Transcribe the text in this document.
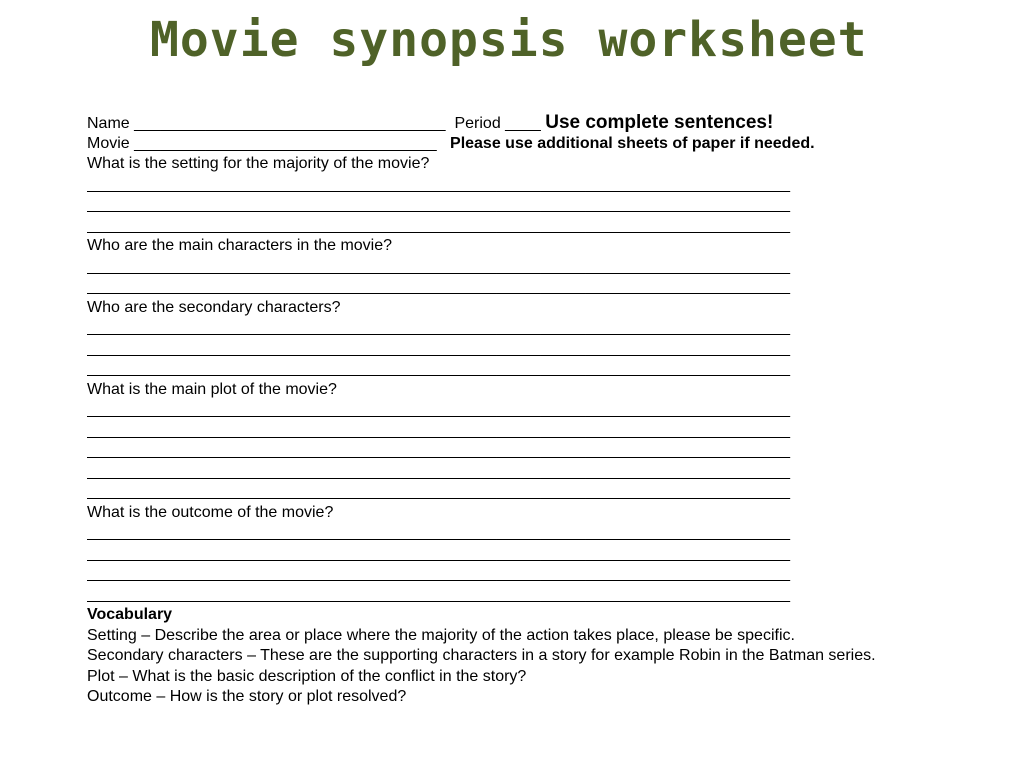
Movie synopsis worksheet
Name ___________________________________ Period ____ Use complete sentences!
Movie __________________________________ Please use additional sheets of paper if needed.
What is the setting for the majority of the movie?
_______________________________________________________________________________
_______________________________________________________________________________
_______________________________________________________________________________
Who are the main characters in the movie?
_______________________________________________________________________________
_______________________________________________________________________________
Who are the secondary characters?
_______________________________________________________________________________
_______________________________________________________________________________
_______________________________________________________________________________
What is the main plot of the movie?
_______________________________________________________________________________
_______________________________________________________________________________
_______________________________________________________________________________
_______________________________________________________________________________
_______________________________________________________________________________
What is the outcome of the movie?
_______________________________________________________________________________
_______________________________________________________________________________
_______________________________________________________________________________
_______________________________________________________________________________
Vocabulary
Setting – Describe the area or place where the majority of the action takes place, please be specific.
Secondary characters – These are the supporting characters in a story for example Robin in the Batman series.
Plot – What is the basic description of the conflict in the story?
Outcome – How is the story or plot resolved?
